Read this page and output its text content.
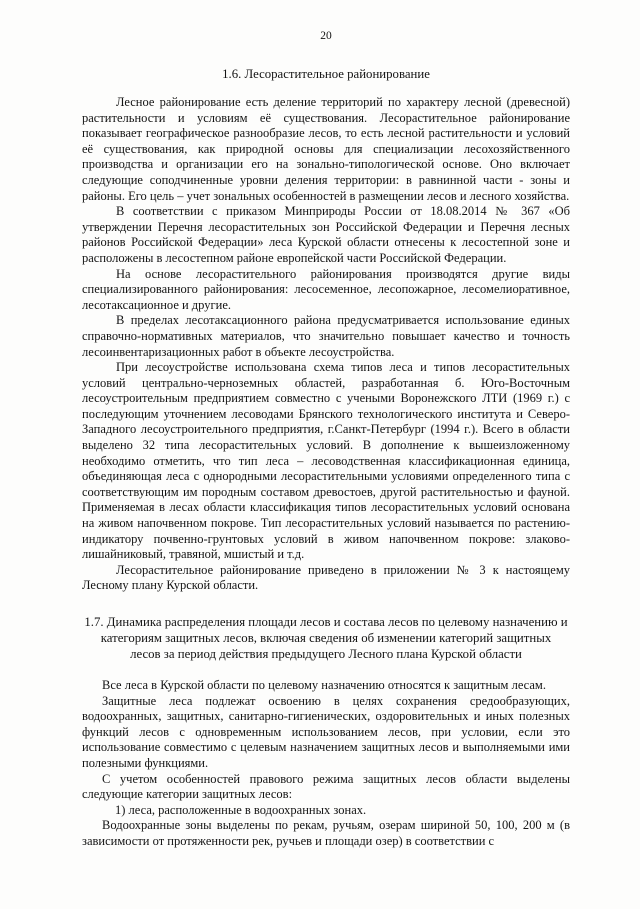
20
1.6. Лесорастительное районирование

Лесное районирование есть деление территорий по характеру лесной (древесной) растительности и условиям её существования. Лесорастительное районирование показывает географическое разнообразие лесов, то есть лесной растительности и условий её существования, как природной основы для специализации лесохозяйственного производства и организации его на зонально-типологической основе. Оно включает следующие соподчиненные уровни деления территории: в равнинной части - зоны и районы. Его цель – учет зональных особенностей в размещении лесов и лесного хозяйства.

В соответствии с приказом Минприроды России от 18.08.2014 № 367 «Об утверждении Перечня лесорастительных зон Российской Федерации и Перечня лесных районов Российской Федерации» леса Курской области отнесены к лесостепной зоне и расположены в лесостепном районе европейской части Российской Федерации.

На основе лесорастительного районирования производятся другие виды специализированного районирования: лесосеменное, лесопожарное, лесомелиоративное, лесотаксационное и другие.

В пределах лесотаксационного района предусматривается использование единых справочно-нормативных материалов, что значительно повышает качество и точность лесоинвентаризационных работ в объекте лесоустройства.

При лесоустройстве использована схема типов леса и типов лесорастительных условий центрально-черноземных областей, разработанная б. Юго-Восточным лесоустроительным предприятием совместно с учеными Воронежского ЛТИ (1969 г.) с последующим уточнением лесоводами Брянского технологического института и Северо-Западного лесоустроительного предприятия, г.Санкт-Петербург (1994 г.). Всего в области выделено 32 типа лесорастительных условий. В дополнение к вышеизложенному необходимо отметить, что тип леса – лесоводственная классификационная единица, объединяющая леса с однородными лесорастительными условиями определенного типа с соответствующим им породным составом древостоев, другой растительностью и фауной. Применяемая в лесах области классификация типов лесорастительных условий основана на живом напочвенном покрове. Тип лесорастительных условий называется по растению-индикатору почвенно-грунтовых условий в живом напочвенном покрове: злаково-лишайниковый, травяной, мшистый и т.д.

Лесорастительное районирование приведено в приложении № 3 к настоящему Лесному плану Курской области.

1.7. Динамика распределения площади лесов и состава лесов по целевому назначению и
категориям защитных лесов, включая сведения об изменении категорий защитных
лесов за период действия предыдущего Лесного плана Курской области

Все леса в Курской области по целевому назначению относятся к защитным лесам.

Защитные леса подлежат освоению в целях сохранения средообразующих, водоохранных, защитных, санитарно-гигиенических, оздоровительных и иных полезных функций лесов с одновременным использованием лесов, при условии, если это использование совместимо с целевым назначением защитных лесов и выполняемыми ими полезными функциями.

С учетом особенностей правового режима защитных лесов области выделены следующие категории защитных лесов:

1) леса, расположенные в водоохранных зонах.

Водоохранные зоны выделены по рекам, ручьям, озерам шириной 50, 100, 200 м (в зависимости от протяженности рек, ручьев и площади озер) в соответствии с
